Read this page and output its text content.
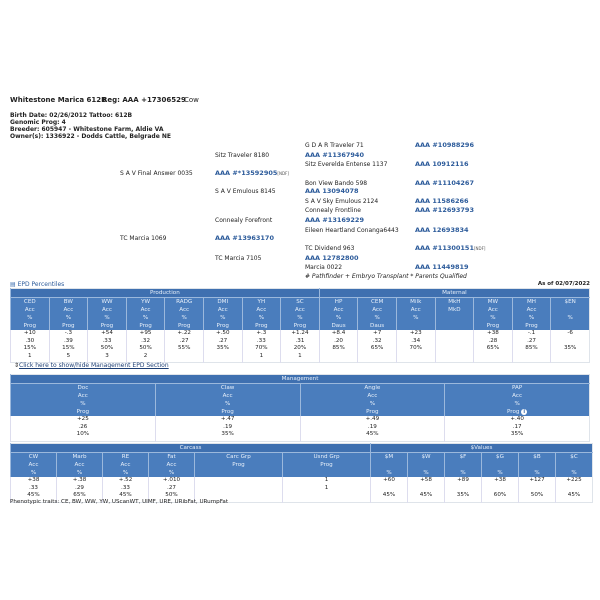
Whitestone Marica 612B
Reg: AAA +17306529
Cow
Birth Date: 02/26/2012 Tattoo: 612B
Genomic Prog: 4
Breeder: 605947 - Whitestone Farm, Aldie VA
Owner(s): 1336922 - Dodds Cattle, Belgrade NE
G D A R Traveler 71	AAA #10988296
Sitz Traveler 8180	AAA #11367940
Sitz Everelda Entense 1137	AAA 10912116
S A V Final Answer 0035	AAA #*13592905[NDF]
Bon View Bando 598	AAA #11104267
S A V Emulous 8145	AAA 13094078
S A V Sky Emulous 2124	AAA 11586266
Connealy Frontline	AAA #12693793
Connealy Forefront	AAA #13169229
Eileen Heartland Conanga6443	AAA 12693834
TC Marcia 1069	AAA #13963170
TC Dividend 963	AAA #11300151[NDF]
TC Marcia 7105	AAA 12782800
Marcia 0022	AAA 11449819
# Pathfinder + Embryo Transplant * Parents Qualified
▤ EPD Percentiles	As of 02/07/2022
Production								Maternal						
CED	BW	WW	YW	RADG	DMI	YH	SC	HP	CEM	Milk	MkH	MW	MH	$EN
Acc	Acc	Acc	Acc	Acc	Acc	Acc	Acc	Acc	Acc	Acc	MkD	Acc	Acc	
%	%	%	%	%	%	%	%	%	%	%		%	%	%
Prog	Prog	Prog	Prog	Prog	Prog	Prog	Prog	Daus	Daus			Prog	Prog	
+10	-.3	+54	+95	+.22	+.50	+.3	+1.24	+8.4	+7	+23		+38	-.1	-6
.30	.39	.33	.32	.27	.27	.33	.31	.20	.32	.34		.28	.27	
15%	15%	50%	50%	55%	35%	70%	20%	85%	65%	70%		65%	85%	35%
1	5	3	2			1	1							
Management			
Doc	Claw	Angle	PAP
Acc	Acc	Acc	Acc
%	%	%	%
Prog	Prog	Prog	Prog i
+25	+.47	+.49	+.40
.26	.19	.19	.17
10%	35%	45%	35%
Carcass						$Values					
CW	Marb	RE	Fat	Carc Grp	Usnd Grp	$M	$W	$F	$G	$B	$C
Acc	Acc	Acc	Acc	Prog	Prog						
%	%	%	%			%	%	%	%	%	%
+38	+.38	+.52	+.010		1	+60	+58	+89	+38	+127	+225
.33	.29	.33	.27		1						
45%	65%	45%	50%			45%	45%	35%	60%	50%	45%
⇕Click here to show/hide Management EPD Section
Phenotypic traits: CE, BW, WW, YW, UScanWT, UIMF, URE, URibFat, URumpFat
